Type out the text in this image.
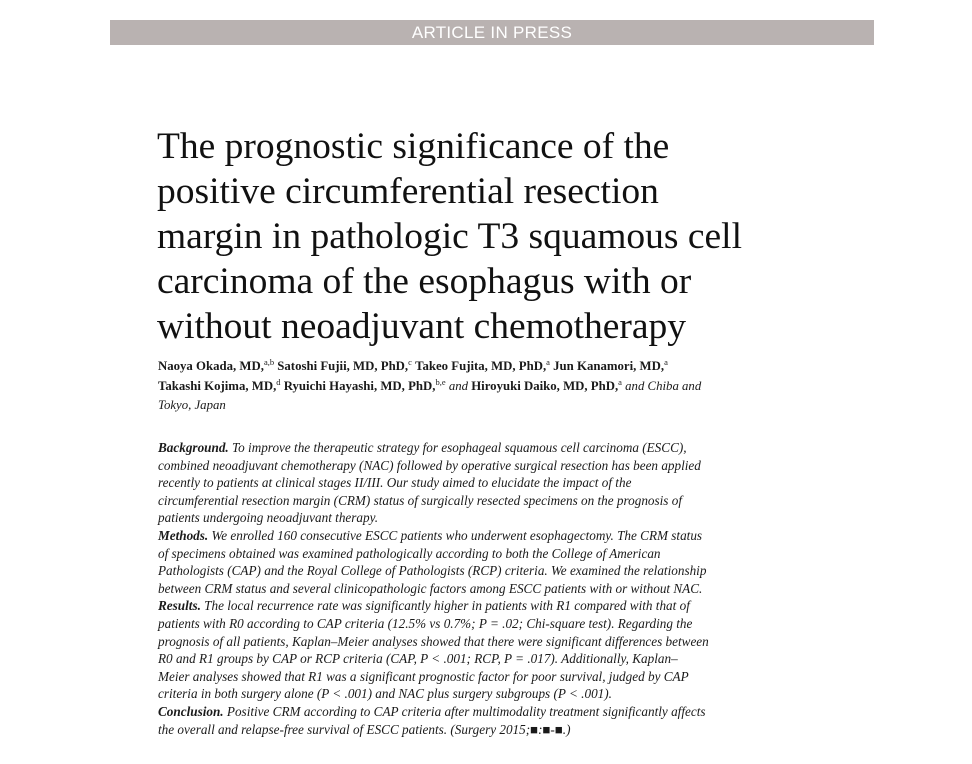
ARTICLE IN PRESS
The prognostic significance of the
positive circumferential resection
margin in pathologic T3 squamous cell
carcinoma of the esophagus with or
without neoadjuvant chemotherapy
Naoya Okada, MD,$^{a,b}$ Satoshi Fujii, MD, PhD,$^c$ Takeo Fujita, MD, PhD,$^a$ Jun Kanamori, MD,$^a$
Takashi Kojima, MD,$^d$ Ryuichi Hayashi, MD, PhD,$^{b,e}$ and Hiroyuki Daiko, MD, PhD,$^a$ and Chiba and
Tokyo, Japan
Background. To improve the therapeutic strategy for esophageal squamous cell carcinoma (ESCC),
combined neoadjuvant chemotherapy (NAC) followed by operative surgical resection has been applied
recently to patients at clinical stages II/III. Our study aimed to elucidate the impact of the
circumferential resection margin (CRM) status of surgically resected specimens on the prognosis of
patients undergoing neoadjuvant therapy.
Methods. We enrolled 160 consecutive ESCC patients who underwent esophagectomy. The CRM status
of specimens obtained was examined pathologically according to both the College of American
Pathologists (CAP) and the Royal College of Pathologists (RCP) criteria. We examined the relationship
between CRM status and several clinicopathologic factors among ESCC patients with or without NAC.
Results. The local recurrence rate was significantly higher in patients with R1 compared with that of
patients with R0 according to CAP criteria (12.5% vs 0.7%; P = .02; Chi-square test). Regarding the
prognosis of all patients, Kaplan–Meier analyses showed that there were significant differences between
R0 and R1 groups by CAP or RCP criteria (CAP, P < .001; RCP, P = .017). Additionally, Kaplan–
Meier analyses showed that R1 was a significant prognostic factor for poor survival, judged by CAP
criteria in both surgery alone (P < .001) and NAC plus surgery subgroups (P < .001).
Conclusion. Positive CRM according to CAP criteria after multimodality treatment significantly affects
the overall and relapse-free survival of ESCC patients. (Surgery 2015;■:■-■.)
